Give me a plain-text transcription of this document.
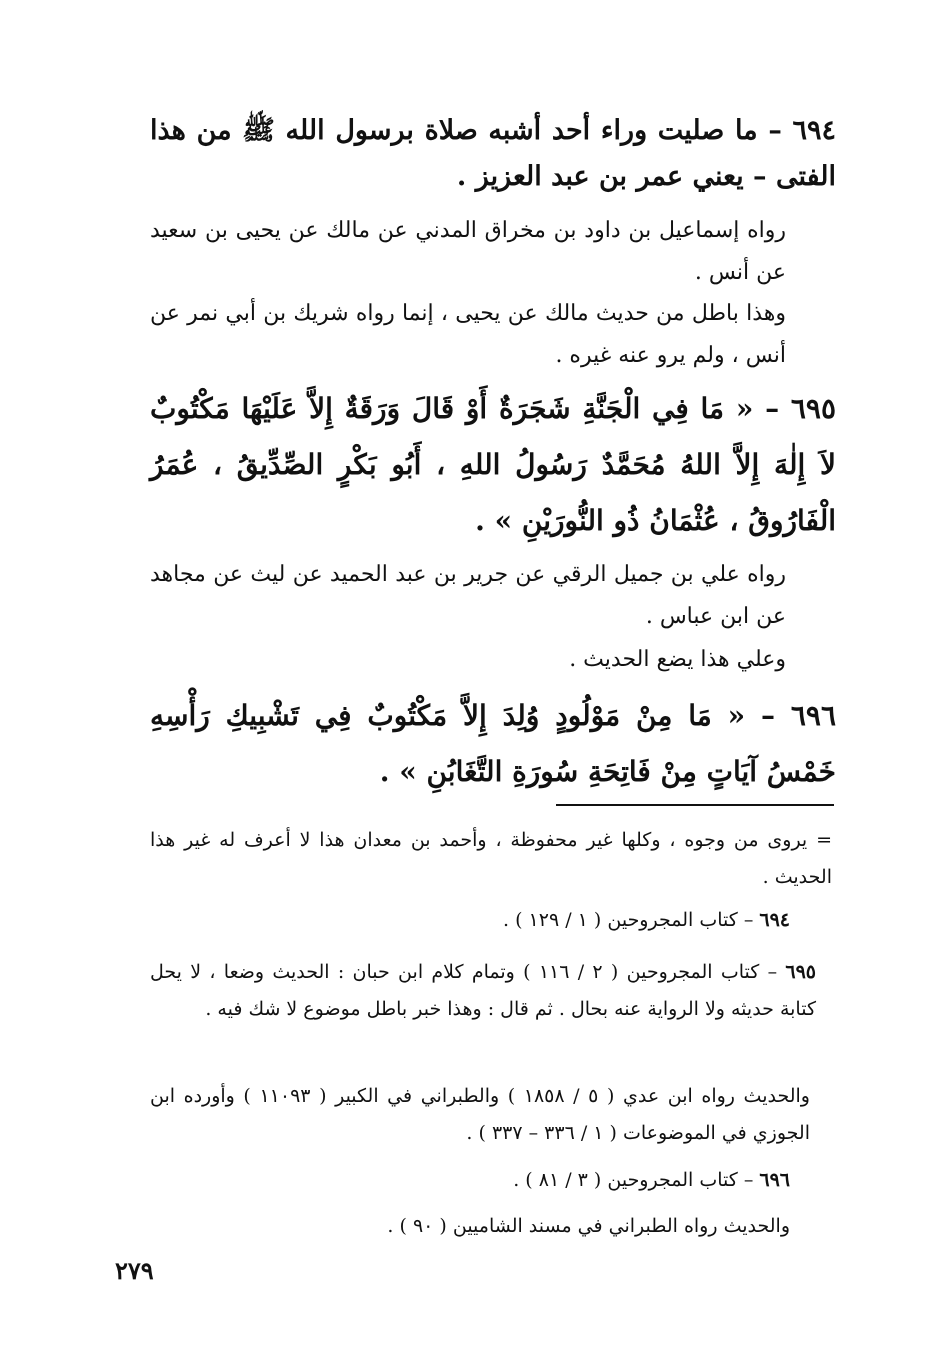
٦٩٤ – ما صليت وراء أحد أشبه صلاة برسول الله ﷺ من هذا الفتى – يعني عمر بن عبد العزيز .
رواه إسماعيل بن داود بن مخراق المدني عن مالك عن يحيى بن سعيد عن أنس .
وهذا باطل من حديث مالك عن يحيى ، إنما رواه شريك بن أبي نمر عن أنس ، ولم يرو عنه غيره .
٦٩٥ – « مَا فِي الْجَنَّةِ شَجَرَةٌ أَوْ قَالَ وَرَقَةٌ إِلاَّ عَلَيْهَا مَكْتُوبٌ لاَ إِلٰهَ إِلاَّ اللهُ مُحَمَّدٌ رَسُولُ اللهِ ، أَبُو بَكْرٍ الصِّدِّيقُ ، عُمَرُ الْفَارُوقُ ، عُثْمَانُ ذُو النُّورَيْنِ » .
رواه علي بن جميل الرقي عن جرير بن عبد الحميد عن ليث عن مجاهد عن ابن عباس .
وعلي هذا يضع الحديث .
٦٩٦ – « مَا مِنْ مَوْلُودٍ وُلِدَ إِلاَّ مَكْتُوبٌ فِي تَشْبِيكِ رَأْسِهِ خَمْسُ آيَاتٍ مِنْ فَاتِحَةِ سُورَةِ التَّغَابُنِ » .
= يروى من وجوه ، وكلها غير محفوظة ، وأحمد بن معدان هذا لا أعرف له غير هذا الحديث .
٦٩٤ – كتاب المجروحين ( ١ / ١٢٩ ) .
٦٩٥ – كتاب المجروحين ( ٢ / ١١٦ ) وتمام كلام ابن حبان : الحديث وضعا ، لا يحل كتابة حديثه ولا الرواية عنه بحال . ثم قال : وهذا خبر باطل موضوع لا شك فيه .
والحديث رواه ابن عدي ( ٥ / ١٨٥٨ ) والطبراني في الكبير ( ١١٠٩٣ ) وأورده ابن الجوزي في الموضوعات ( ١ / ٣٣٦ – ٣٣٧ ) .
٦٩٦ – كتاب المجروحين ( ٣ / ٨١ ) .
والحديث رواه الطبراني في مسند الشاميين ( ٩٠ ) .
٢٧٩
